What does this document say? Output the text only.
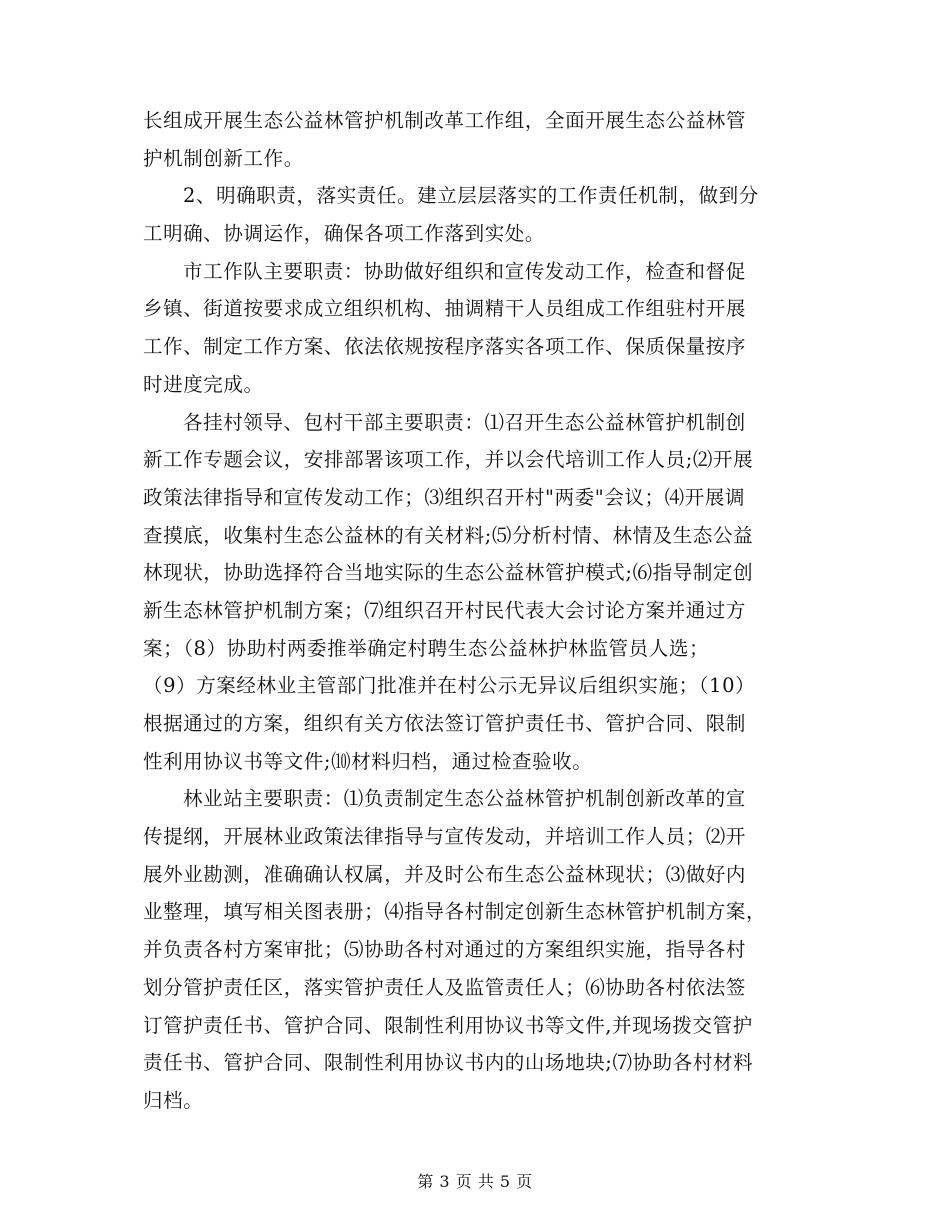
长组成开展生态公益林管护机制改革工作组，全面开展生态公益林管
护机制创新工作。
2、明确职责，落实责任。建立层层落实的工作责任机制，做到分
工明确、协调运作，确保各项工作落到实处。
市工作队主要职责：协助做好组织和宣传发动工作，检查和督促
乡镇、街道按要求成立组织机构、抽调精干人员组成工作组驻村开展
工作、制定工作方案、依法依规按程序落实各项工作、保质保量按序
时进度完成。
各挂村领导、包村干部主要职责：⑴召开生态公益林管护机制创
新工作专题会议，安排部署该项工作，并以会代培训工作人员;⑵开展
政策法律指导和宣传发动工作；⑶组织召开村"两委"会议；⑷开展调
查摸底，收集村生态公益林的有关材料;⑸分析村情、林情及生态公益
林现状，协助选择符合当地实际的生态公益林管护模式;⑹指导制定创
新生态林管护机制方案；⑺组织召开村民代表大会讨论方案并通过方
案；（8）协助村两委推举确定村聘生态公益林护林监管员人选；
（9）方案经林业主管部门批准并在村公示无异议后组织实施；（10）
根据通过的方案，组织有关方依法签订管护责任书、管护合同、限制
性利用协议书等文件;⑽材料归档，通过检查验收。
林业站主要职责：⑴负责制定生态公益林管护机制创新改革的宣
传提纲，开展林业政策法律指导与宣传发动，并培训工作人员；⑵开
展外业勘测，准确确认权属，并及时公布生态公益林现状；⑶做好内
业整理，填写相关图表册；⑷指导各村制定创新生态林管护机制方案，
并负责各村方案审批；⑸协助各村对通过的方案组织实施，指导各村
划分管护责任区，落实管护责任人及监管责任人；⑹协助各村依法签
订管护责任书、管护合同、限制性利用协议书等文件,并现场拨交管护
责任书、管护合同、限制性利用协议书内的山场地块;⑺协助各村材料
归档。
第 3 页 共 5 页
